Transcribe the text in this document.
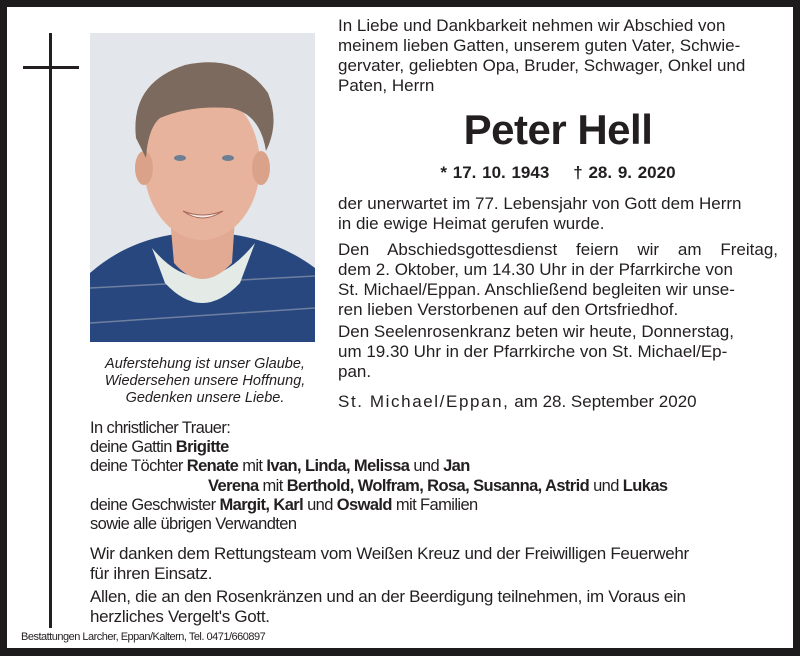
Auferstehung ist unser Glaube,
Wiedersehen unsere Hoffnung,
Gedenken unsere Liebe.
In Liebe und Dankbarkeit nehmen wir Abschied von
meinem lieben Gatten, unserem guten Vater, Schwie-
gervater, geliebten Opa, Bruder, Schwager, Onkel und
Paten, Herrn
Peter Hell
* 17. 10. 1943 † 28. 9. 2020
der unerwartet im 77. Lebensjahr von Gott dem Herrn
in die ewige Heimat gerufen wurde.
Den Abschiedsgottesdienst feiern wir am Freitag,
dem 2. Oktober, um 14.30 Uhr in der Pfarrkirche von
St. Michael/Eppan. Anschließend begleiten wir unse-
ren lieben Verstorbenen auf den Ortsfriedhof.
Den Seelenrosenkranz beten wir heute, Donnerstag,
um 19.30 Uhr in der Pfarrkirche von St. Michael/Ep-
pan.
St. Michael/Eppan, am 28. September 2020
In christlicher Trauer:
deine Gattin Brigitte
deine Töchter Renate mit Ivan, Linda, Melissa und Jan
Verena mit Berthold, Wolfram, Rosa, Susanna, Astrid und Lukas
deine Geschwister Margit, Karl und Oswald mit Familien
sowie alle übrigen Verwandten
Wir danken dem Rettungsteam vom Weißen Kreuz und der Freiwilligen Feuerwehr
für ihren Einsatz.
Allen, die an den Rosenkränzen und an der Beerdigung teilnehmen, im Voraus ein
herzliches Vergelt's Gott.
Bestattungen Larcher, Eppan/Kaltern, Tel. 0471/660897
